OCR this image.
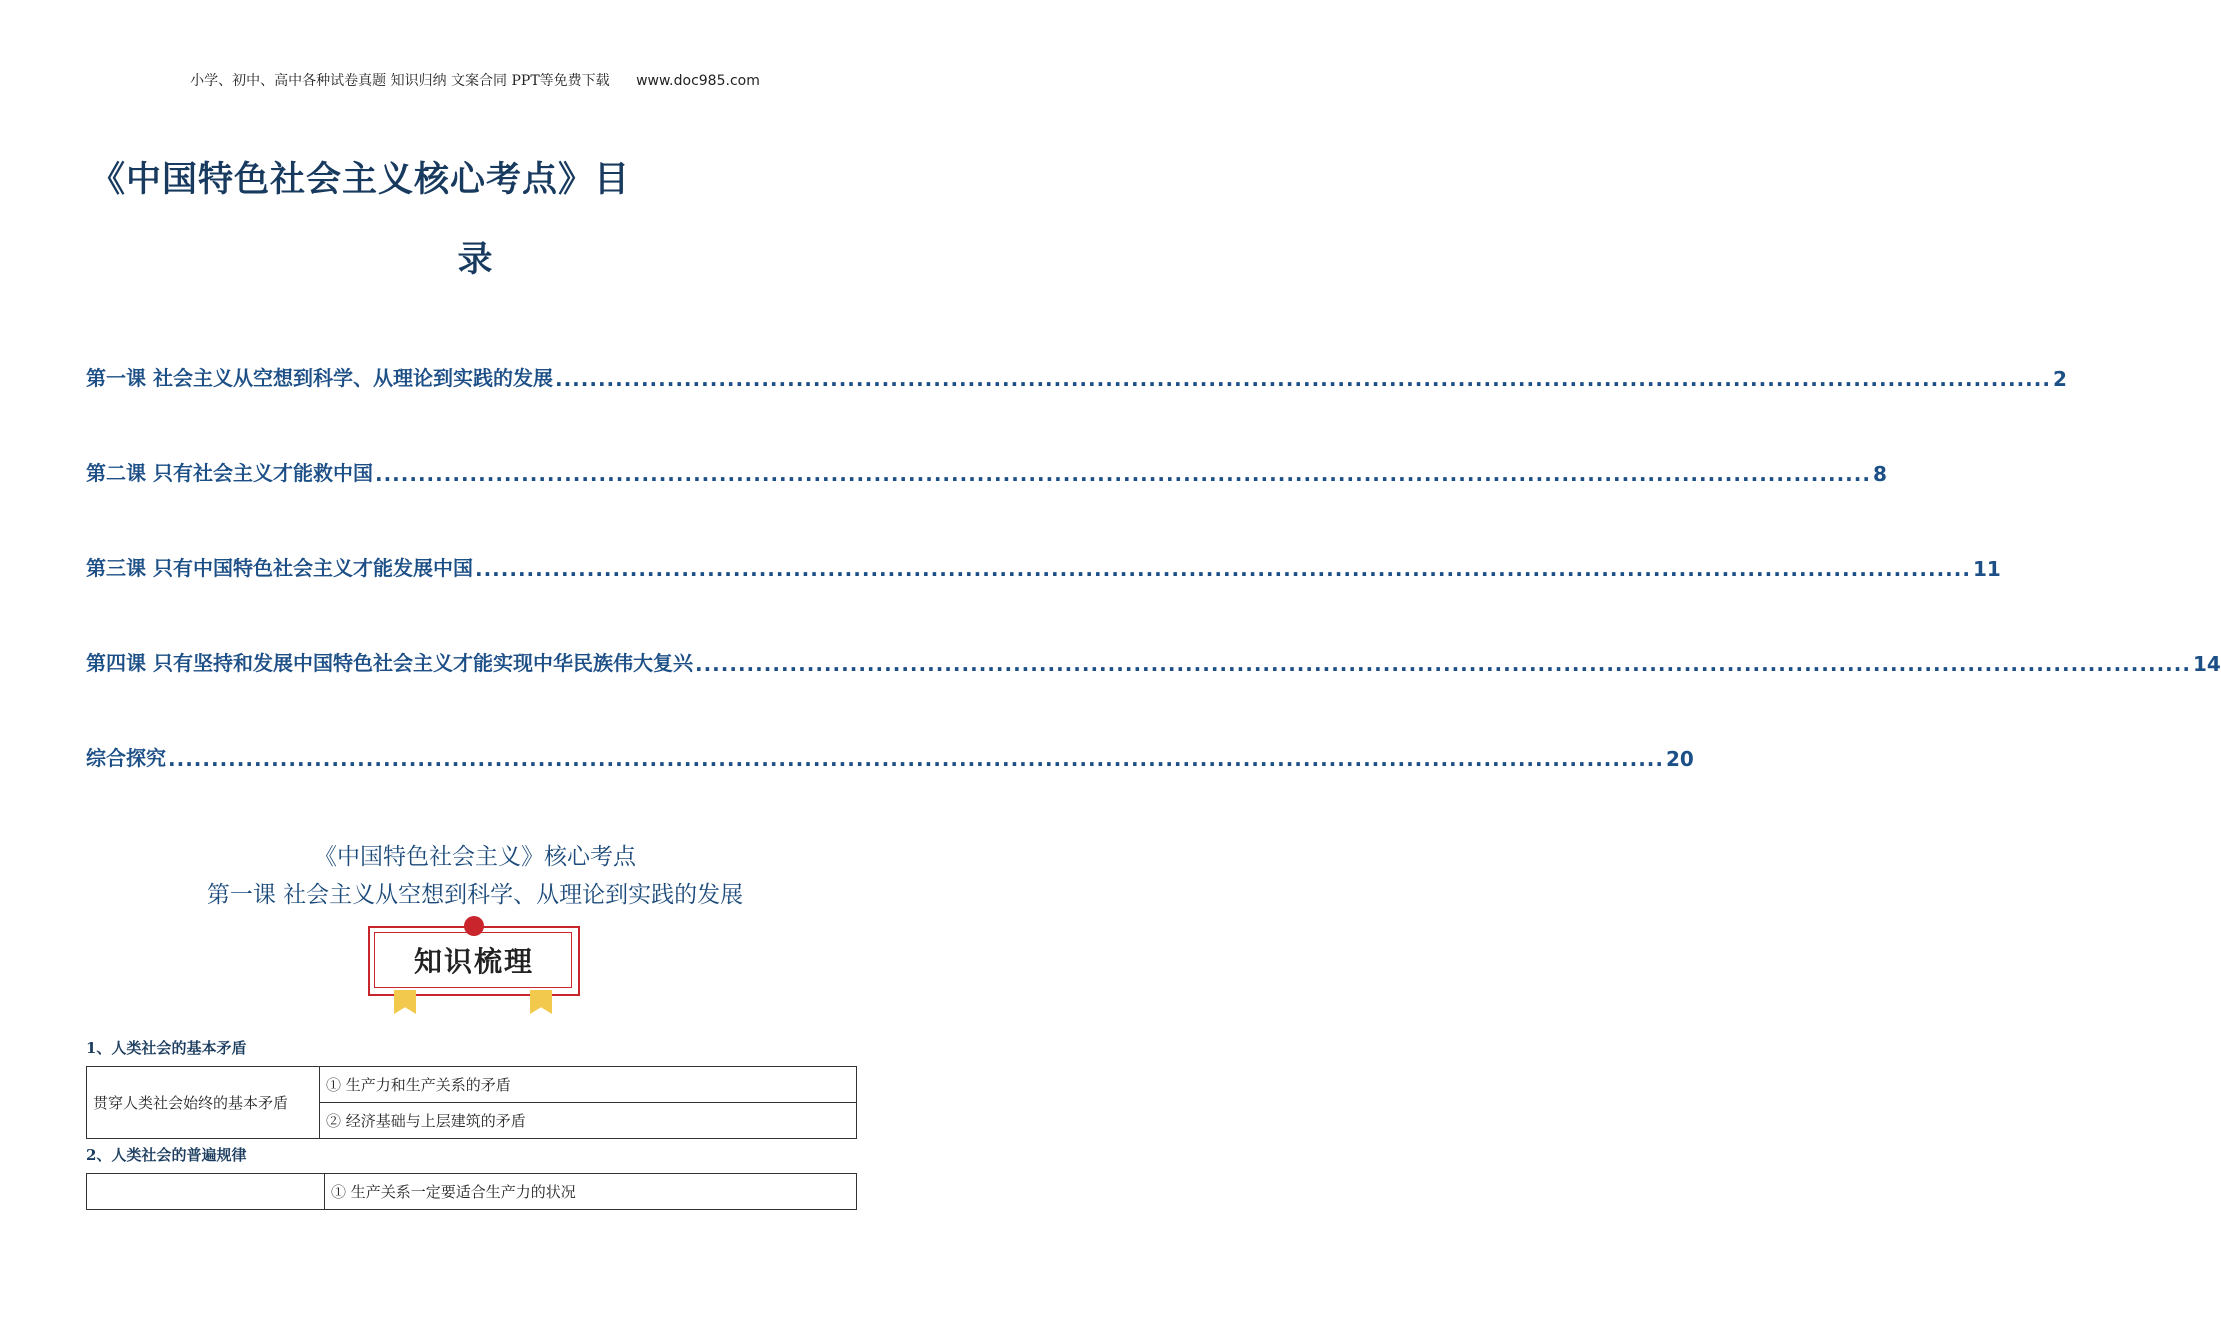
小学、初中、高中各种试卷真题 知识归纳 文案合同 PPT等免费下载 www.doc985.com
《中国特色社会主义核心考点》目
录
第一课 社会主义从空想到科学、从理论到实践的发展 .............................................................................................................................................................................. 2
第二课 只有社会主义才能救中国 .............................................................................................................................................................................. 8
第三课 只有中国特色社会主义才能发展中国 .............................................................................................................................................................................. 11
第四课 只有坚持和发展中国特色社会主义才能实现中华民族伟大复兴 .............................................................................................................................................................................. 14
综合探究 .............................................................................................................................................................................. 20
《中国特色社会主义》核心考点
第一课 社会主义从空想到科学、从理论到实践的发展
知识梳理
1、人类社会的基本矛盾
贯穿人类社会始终的基本矛盾	① 生产力和生产关系的矛盾
② 经济基础与上层建筑的矛盾
2、人类社会的普遍规律
	① 生产关系一定要适合生产力的状况
